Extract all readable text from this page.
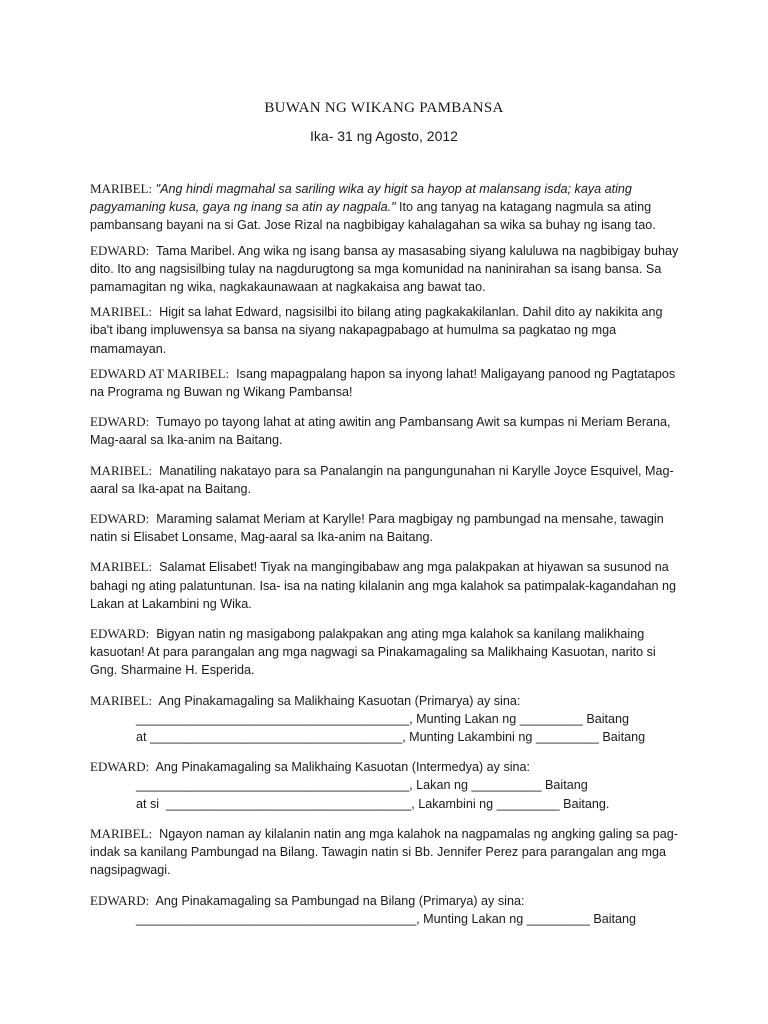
BUWAN NG WIKANG PAMBANSA
Ika- 31 ng Agosto, 2012

MARIBEL: "Ang hindi magmahal sa sariling wika ay higit sa hayop at malansang isda; kaya ating pagyamaning kusa, gaya ng inang sa atin ay nagpala." Ito ang tanyag na katagang nagmula sa ating pambansang bayani na si Gat. Jose Rizal na nagbibigay kahalagahan sa wika sa buhay ng isang tao.

EDWARD: Tama Maribel. Ang wika ng isang bansa ay masasabing siyang kaluluwa na nagbibigay buhay dito. Ito ang nagsisilbing tulay na nagdurugtong sa mga komunidad na naninirahan sa isang bansa. Sa pamamagitan ng wika, nagkakaunawaan at nagkakaisa ang bawat tao.

MARIBEL: Higit sa lahat Edward, nagsisilbi ito bilang ating pagkakakilanlan. Dahil dito ay nakikita ang iba't ibang impluwensya sa bansa na siyang nakapagpabago at humulma sa pagkatao ng mga mamamayan.

EDWARD AT MARIBEL: Isang mapagpalang hapon sa inyong lahat! Maligayang panood ng Pagtatapos na Programa ng Buwan ng Wikang Pambansa!

EDWARD: Tumayo po tayong lahat at ating awitin ang Pambansang Awit sa kumpas ni Meriam Berana, Mag-aaral sa Ika-anim na Baitang.

MARIBEL: Manatiling nakatayo para sa Panalangin na pangungunahan ni Karylle Joyce Esquivel, Mag-aaral sa Ika-apat na Baitang.

EDWARD: Maraming salamat Meriam at Karylle! Para magbigay ng pambungad na mensahe, tawagin natin si Elisabet Lonsame, Mag-aaral sa Ika-anim na Baitang.

MARIBEL: Salamat Elisabet! Tiyak na mangingibabaw ang mga palakpakan at hiyawan sa susunod na bahagi ng ating palatuntunan. Isa- isa na nating kilalanin ang mga kalahok sa patimpalak-kagandahan ng Lakan at Lakambini ng Wika.

EDWARD: Bigyan natin ng masigabong palakpakan ang ating mga kalahok sa kanilang malikhaing kasuotan! At para parangalan ang mga nagwagi sa Pinakamagaling sa Malikhaing Kasuotan, narito si Gng. Sharmaine H. Esperida.

MARIBEL: Ang Pinakamagaling sa Malikhaing Kasuotan (Primarya) ay sina:
_______________________________________, Munting Lakan ng _________ Baitang
at ____________________________________, Munting Lakambini ng _________ Baitang

EDWARD: Ang Pinakamagaling sa Malikhaing Kasuotan (Intermedya) ay sina:
_______________________________________, Lakan ng __________ Baitang
at si  ___________________________________, Lakambini ng _________ Baitang.

MARIBEL: Ngayon naman ay kilalanin natin ang mga kalahok na nagpamalas ng angking galing sa pag-indak sa kanilang Pambungad na Bilang. Tawagin natin si Bb. Jennifer Perez para parangalan ang mga nagsipagwagi.

EDWARD: Ang Pinakamagaling sa Pambungad na Bilang (Primarya) ay sina:
________________________________________, Munting Lakan ng _________ Baitang
